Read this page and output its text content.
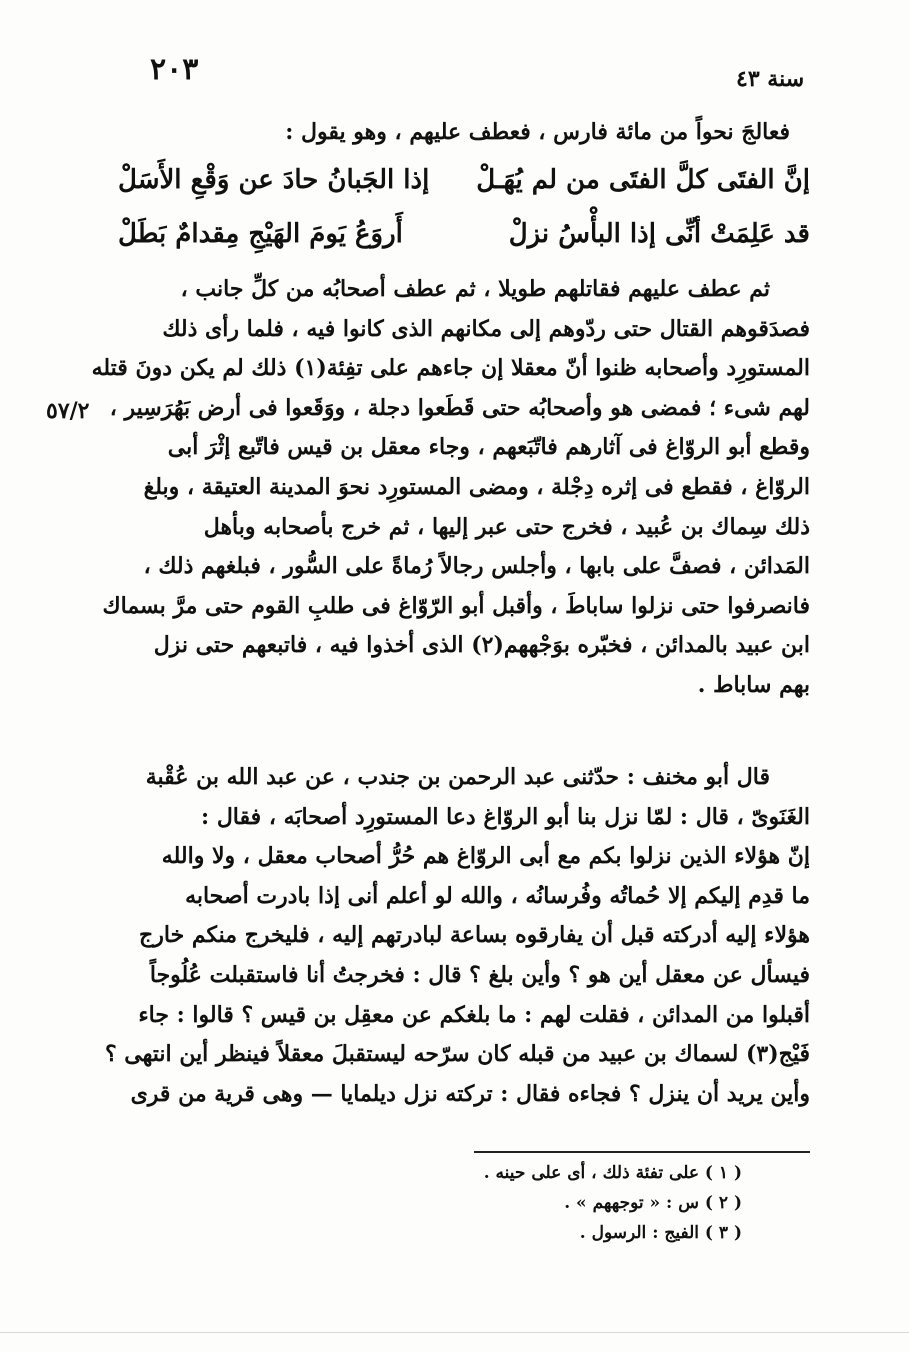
٢٠٣	سنة ٤٣
٥٧/٢
فعالجَ نحواً من مائة فارس ، فعطف عليهم ، وهو يقول :
إنَّ الفتَى كلَّ الفتَى من لم يُهَـلْ
إذا الجَبانُ حادَ عن وَقْعِ الأَسَلْ
قد عَلِمَتْ أنِّى إذا البأْسُ نزلْ
أَروَعُ يَومَ الهَيْجِ مِقدامٌ بَطَلْ

ثم عطف عليهم فقاتلهم طويلا ، ثم عطف أصحابُه من كلِّ جانب ،
فصدَقوهم القتال حتى ردّوهم إلى مكانهم الذى كانوا فيه ، فلما رأى ذلك
المستورِد وأصحابه ظنوا أنّ معقلا إن جاءهم على تفِئة(١) ذلك لم يكن دونَ قتله
لهم شىء ؛ فمضى هو وأصحابُه حتى قَطَعوا دجلة ، ووَقَعوا فى أرض بَهُرَسِير ،
وقطع أبو الروّاغ فى آثارهم فاتّبَعهم ، وجاء معقل بن قيس فاتّبع إثْرَ أبى
الروّاغ ، فقطع فى إثره دِجْلة ، ومضى المستورِد نحوَ المدينة العتيقة ، وبلغ
ذلك سِماك بن عُبيد ، فخرج حتى عبر إليها ، ثم خرج بأصحابه وبأهل
المَدائن ، فصفَّ على بابها ، وأجلس رجالاً رُماةً على السُّور ، فبلغهم ذلك ،
فانصرفوا حتى نزلوا ساباطَ ، وأقبل أبو الرّوّاغ فى طلبِ القوم حتى مرَّ بسماك
ابن عبيد بالمدائن ، فخبّره بوَجْههم(٢) الذى أخذوا فيه ، فاتبعهم حتى نزل
بهم ساباط .

قال أبو مخنف : حدّثنى عبد الرحمن بن جندب ، عن عبد الله بن عُقْبة
الغَنَوىّ ، قال : لمّا نزل بنا أبو الروّاغ دعا المستورِد أصحابَه ، فقال :
إنّ هؤلاء الذين نزلوا بكم مع أبى الروّاغ هم حُرُّ أصحاب معقل ، ولا والله
ما قدِم إليكم إلا حُماتُه وفُرسانُه ، والله لو أعلم أنى إذا بادرت أصحابه
هؤلاء إليه أدركته قبل أن يفارقوه بساعة لبادرتهم إليه ، فليخرج منكم خارج
فيسأل عن معقل أين هو ؟ وأين بلغ ؟ قال : فخرجتُ أنا فاستقبلت عُلُوجاً
أقبلوا من المدائن ، فقلت لهم : ما بلغكم عن معقِل بن قيس ؟ قالوا : جاء
فَيْج(٣) لسماك بن عبيد من قبله كان سرّحه ليستقبلَ معقلاً فينظر أين انتهى ؟
وأين يريد أن ينزل ؟ فجاءه فقال : تركته نزل ديلمايا — وهى قرية من قرى

( ١ ) على تفئة ذلك ، أى على حينه .
( ٢ ) س : « توجههم » .
( ٣ ) الفيج : الرسول .
